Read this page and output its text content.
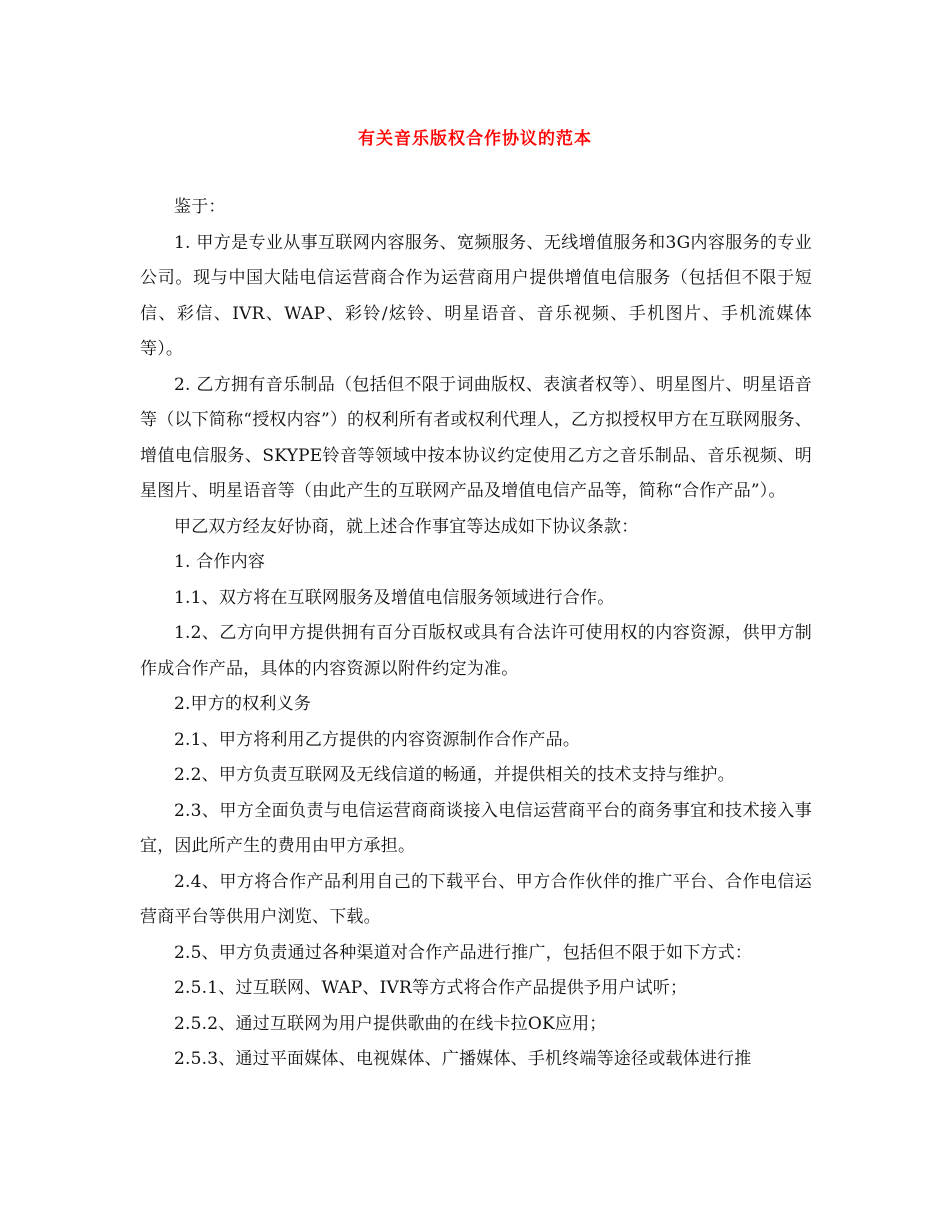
有关音乐版权合作协议的范本

鉴于：

1. 甲方是专业从事互联网内容服务、宽频服务、无线增值服务和3G内容服务的专业公司。现与中国大陆电信运营商合作为运营商用户提供增值电信服务（包括但不限于短信、彩信、IVR、WAP、彩铃/炫铃、明星语音、音乐视频、手机图片、手机流媒体等）。

2. 乙方拥有音乐制品（包括但不限于词曲版权、表演者权等）、明星图片、明星语音等（以下简称“授权内容”）的权利所有者或权利代理人，乙方拟授权甲方在互联网服务、增值电信服务、SKYPE铃音等领域中按本协议约定使用乙方之音乐制品、音乐视频、明星图片、明星语音等（由此产生的互联网产品及增值电信产品等，简称“合作产品”）。

甲乙双方经友好协商，就上述合作事宜等达成如下协议条款：

1. 合作内容

1.1、双方将在互联网服务及增值电信服务领域进行合作。

1.2、乙方向甲方提供拥有百分百版权或具有合法许可使用权的内容资源，供甲方制作成合作产品，具体的内容资源以附件约定为准。

2.甲方的权利义务

2.1、甲方将利用乙方提供的内容资源制作合作产品。

2.2、甲方负责互联网及无线信道的畅通，并提供相关的技术支持与维护。

2.3、甲方全面负责与电信运营商商谈接入电信运营商平台的商务事宜和技术接入事宜，因此所产生的费用由甲方承担。

2.4、甲方将合作产品利用自己的下载平台、甲方合作伙伴的推广平台、合作电信运营商平台等供用户浏览、下载。

2.5、甲方负责通过各种渠道对合作产品进行推广，包括但不限于如下方式：

2.5.1、过互联网、WAP、IVR等方式将合作产品提供予用户试听；

2.5.2、通过互联网为用户提供歌曲的在线卡拉OK应用；

2.5.3、通过平面媒体、电视媒体、广播媒体、手机终端等途径或载体进行推
